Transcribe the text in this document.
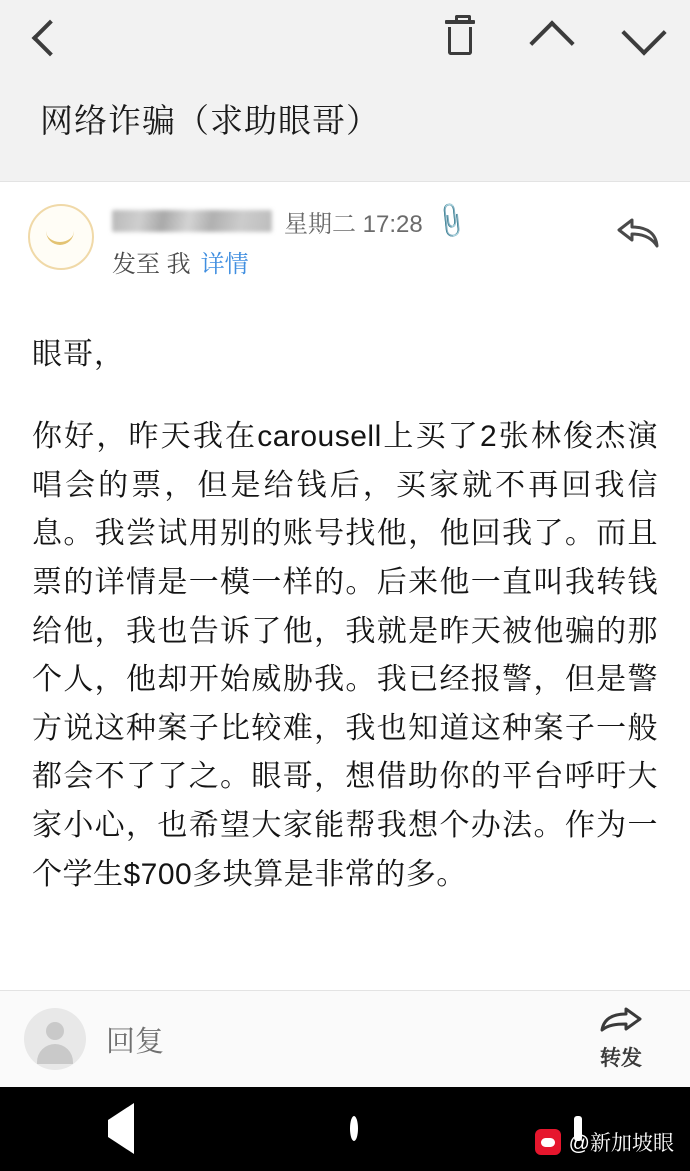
网络诈骗（求助眼哥）
星期二 17:28 📎
发至 我 详情
眼哥，
你好，昨天我在carousell上买了2张林俊杰演唱会的票，但是给钱后，买家就不再回我信息。我尝试用别的账号找他，他回我了。而且票的详情是一模一样的。后来他一直叫我转钱给他，我也告诉了他，我就是昨天被他骗的那个人，他却开始威胁我。我已经报警，但是警方说这种案子比较难，我也知道这种案子一般都会不了了之。眼哥，想借助你的平台呼吁大家小心，也希望大家能帮我想个办法。作为一个学生$700多块算是非常的多。
回复
转发
@新加坡眼
